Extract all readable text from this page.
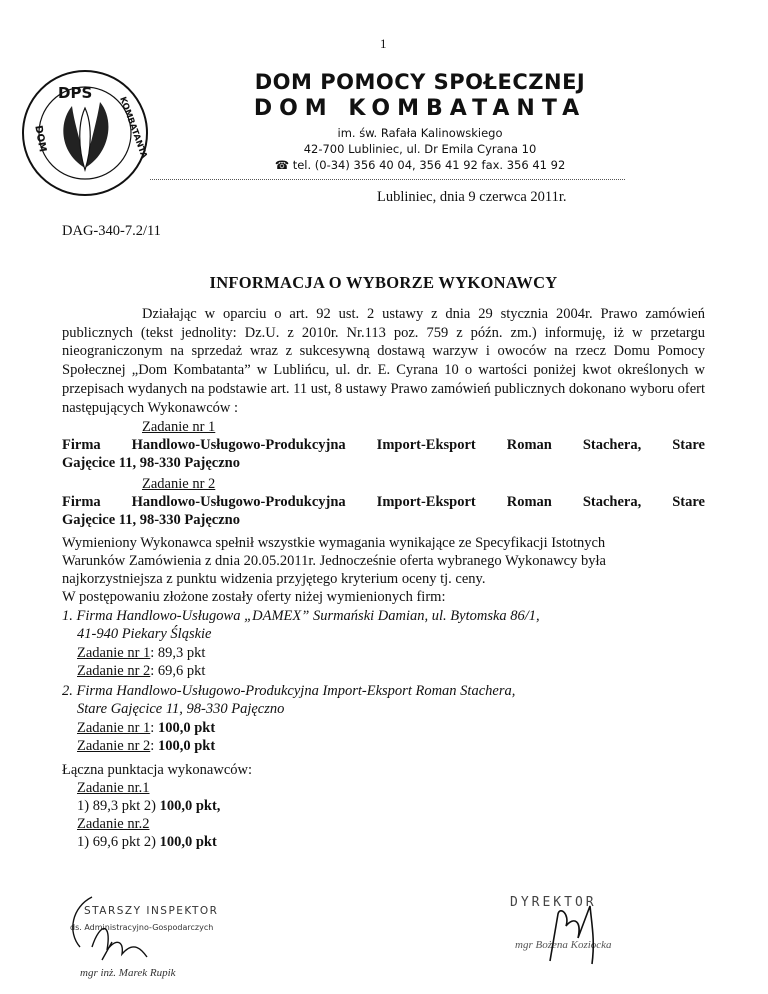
1
DPS
DOM	KOMBATANTA
DOM POMOCY SPOŁECZNEJ
DOM KOMBATANTA
im. św. Rafała Kalinowskiego
42-700 Lubliniec, ul. Dr Emila Cyrana 10
☎ tel. (0-34) 356 40 04, 356 41 92 fax. 356 41 92
Lubliniec, dnia 9 czerwca 2011r.
DAG-340-7.2/11
INFORMACJA O WYBORZE WYKONAWCY
Działając w oparciu o art. 92 ust. 2 ustawy z dnia 29 stycznia 2004r. Prawo zamówień publicznych (tekst jednolity: Dz.U. z 2010r. Nr.113 poz. 759 z późn. zm.) informuję, iż w przetargu nieograniczonym na sprzedaż wraz z sukcesywną dostawą warzyw i owoców na rzecz Domu Pomocy Społecznej „Dom Kombatanta” w Lublińcu, ul. dr. E. Cyrana 10 o wartości poniżej kwot określonych w przepisach wydanych na podstawie art. 11 ust, 8 ustawy Prawo zamówień publicznych dokonano wyboru ofert następujących Wykonawców :
Zadanie nr 1
Firma Handlowo-Usługowo-Produkcyjna Import-Eksport Roman Stachera, Stare
Gajęcice 11, 98-330 Pajęczno
Zadanie nr 2
Firma Handlowo-Usługowo-Produkcyjna Import-Eksport Roman Stachera, Stare
Gajęcice 11, 98-330 Pajęczno
Wymieniony Wykonawca spełnił wszystkie wymagania wynikające ze Specyfikacji Istotnych
Warunków Zamówienia z dnia 20.05.2011r. Jednocześnie oferta wybranego Wykonawcy była
najkorzystniejsza z punktu widzenia przyjętego kryterium oceny tj. ceny.
W postępowaniu złożone zostały oferty niżej wymienionych firm:
1. Firma Handlowo-Usługowa „DAMEX” Surmański Damian, ul. Bytomska 86/1,
41-940 Piekary Śląskie
Zadanie nr 1: 89,3 pkt
Zadanie nr 2: 69,6 pkt
2. Firma Handlowo-Usługowo-Produkcyjna Import-Eksport Roman Stachera,
Stare Gajęcice 11, 98-330 Pajęczno
Zadanie nr 1: 100,0 pkt
Zadanie nr 2: 100,0 pkt
Łączna punktacja wykonawców:
Zadanie nr.1
1) 89,3 pkt 2) 100,0 pkt,
Zadanie nr.2
1) 69,6 pkt 2) 100,0 pkt
STARSZY INSPEKTOR
ds. Administracyjno-Gospodarczych
mgr inż. Marek Rupik
DYREKTOR
mgr Bożena Koziocka
